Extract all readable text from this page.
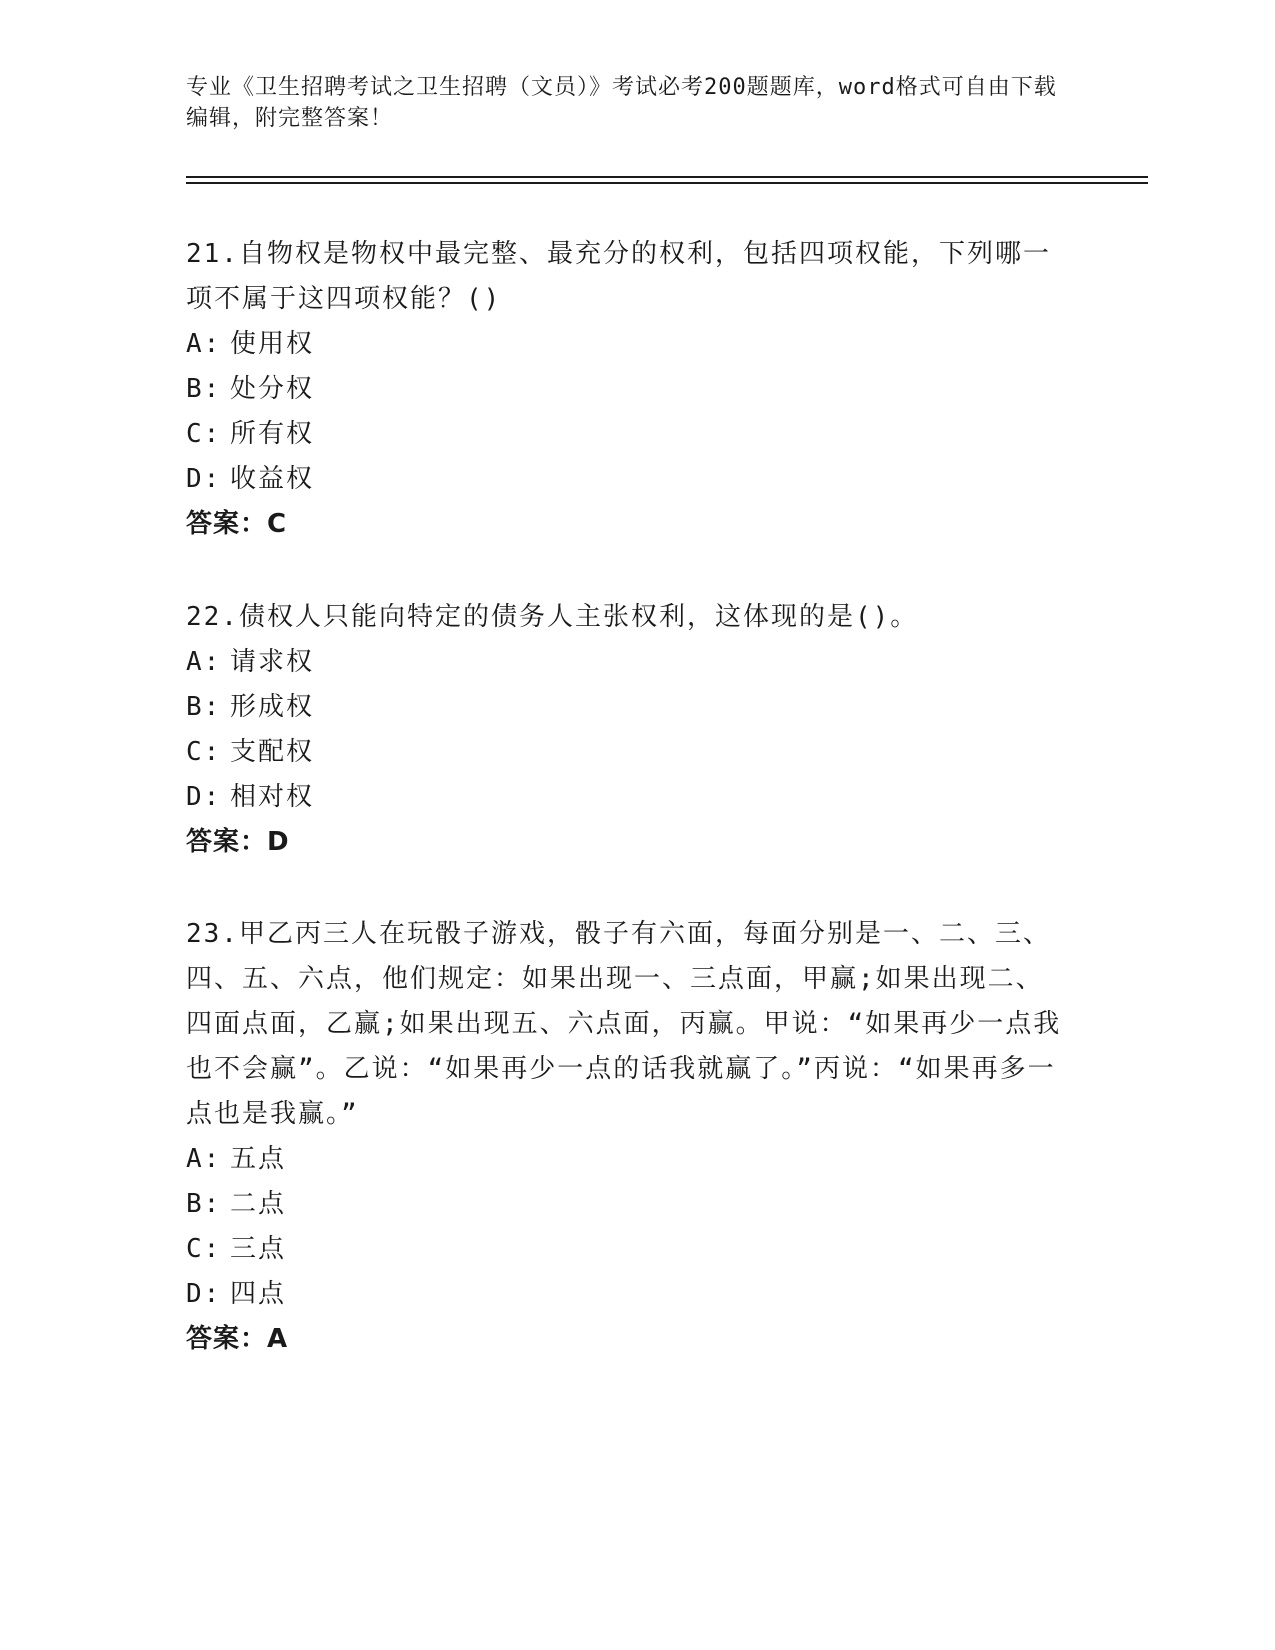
专业《卫生招聘考试之卫生招聘（文员）》考试必考200题题库，word格式可自由下载编辑，附完整答案！

21.自物权是物权中最完整、最充分的权利，包括四项权能，下列哪一项不属于这四项权能？()

A: 使用权

B: 处分权

C: 所有权

D: 收益权

答案：C

22.债权人只能向特定的债务人主张权利，这体现的是()。

A: 请求权

B: 形成权

C: 支配权

D: 相对权

答案：D

23.甲乙丙三人在玩骰子游戏，骰子有六面，每面分别是一、二、三、四、五、六点，他们规定：如果出现一、三点面，甲赢;如果出现二、四面点面，乙赢;如果出现五、六点面，丙赢。甲说：“如果再少一点我也不会赢”。乙说：“如果再少一点的话我就赢了。”丙说：“如果再多一点也是我赢。”

A: 五点

B: 二点

C: 三点

D: 四点

答案：A
